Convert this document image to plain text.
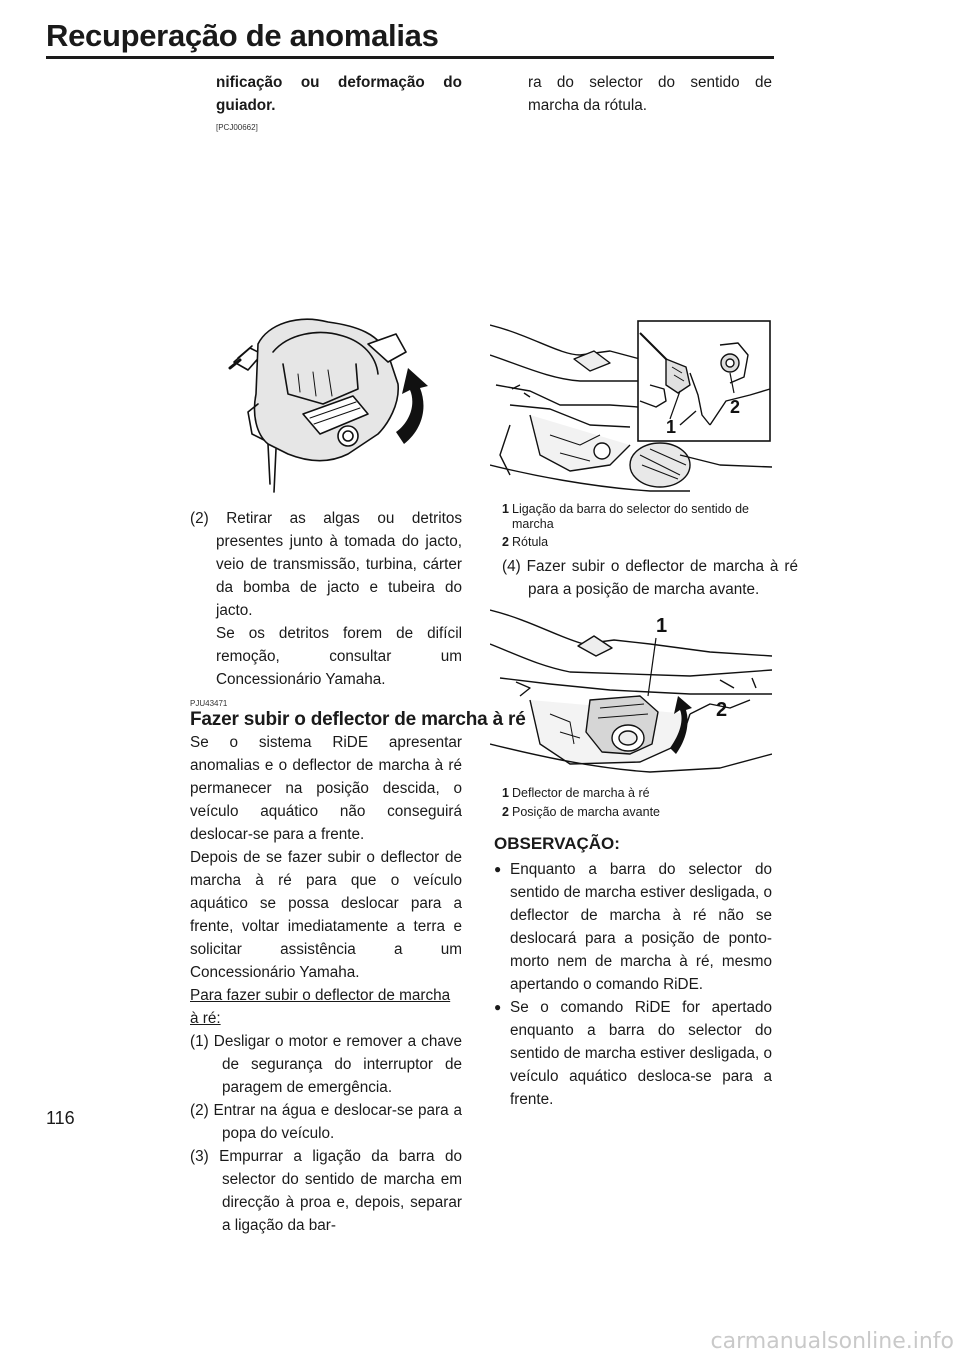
Recuperação de anomalias

nificação ou deformação do guiador.

[PCJ00662]

(2) Retirar as algas ou detritos presentes junto à tomada do jacto, veio de transmissão, turbina, cárter da bomba de jacto e tubeira do jacto.

Se os detritos forem de difícil remoção, consultar um Concessionário Yamaha.

PJU43471

Fazer subir o deflector de marcha à ré

Se o sistema RiDE apresentar anomalias e o deflector de marcha à ré permanecer na posição descida, o veículo aquático não conseguirá deslocar-se para a frente.

Depois de se fazer subir o deflector de marcha à ré para que o veículo aquático se possa deslocar para a frente, voltar imediatamente a terra e solicitar assistência a um Concessionário Yamaha.

Para fazer subir o deflector de marcha à ré:

(1) Desligar o motor e remover a chave de segurança do interruptor de paragem de emergência.

(2) Entrar na água e deslocar-se para a popa do veículo.

(3) Empurrar a ligação da barra do selector do sentido de marcha em direcção à proa e, depois, separar a ligação da bar-

ra do selector do sentido de marcha da rótula.
1
2
1 Ligação da barra do selector do sentido de marcha
2 Rótula
(4) Fazer subir o deflector de marcha à ré para a posição de marcha avante.
1
2
1 Deflector de marcha à ré
2 Posição de marcha avante
OBSERVAÇÃO:
● Enquanto a barra do selector do sentido de marcha estiver desligada, o deflector de marcha à ré não se deslocará para a posição de ponto-morto nem de marcha à ré, mesmo apertando o comando RiDE.
● Se o comando RiDE for apertado enquanto a barra do selector do sentido de marcha estiver desligada, o veículo aquático desloca-se para a frente.
116
carmanualsonline.info
